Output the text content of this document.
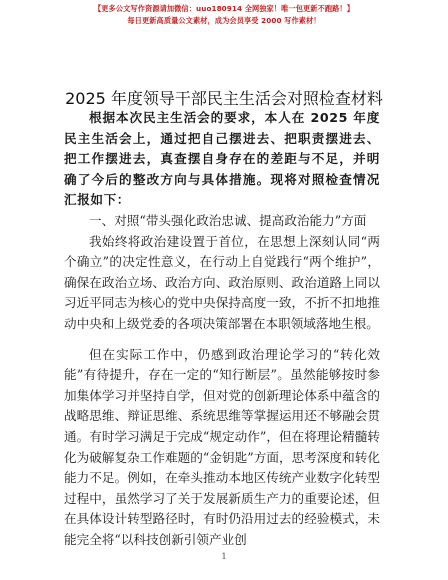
【更多公文写作资源请加微信：uuo180914 全网独家！唯一包更新不跑路！】
每日更新高质量公文素材，成为会员享受 2000 写作素材！
2025 年度领导干部民主生活会对照检查材料

根据本次民主生活会的要求，本人在 2025 年度民主生活会上，通过把自己摆进去、把职责摆进去、把工作摆进去，真查摆自身存在的差距与不足，并明确了今后的整改方向与具体措施。现将对照检查情况汇报如下：

一、对照“带头强化政治忠诚、提高政治能力”方面

我始终将政治建设置于首位，在思想上深刻认同“两个确立”的决定性意义，在行动上自觉践行“两个维护”，确保在政治立场、政治方向、政治原则、政治道路上同以习近平同志为核心的党中央保持高度一致，不折不扣地推动中央和上级党委的各项决策部署在本职领域落地生根。

但在实际工作中，仍感到政治理论学习的“转化效能”有待提升，存在一定的“知行断层”。虽然能够按时参加集体学习并坚持自学，但对党的创新理论体系中蕴含的战略思维、辩证思维、系统思维等掌握运用还不够融会贯通。有时学习满足于完成“规定动作”，但在将理论精髓转化为破解复杂工作难题的“金钥匙”方面，思考深度和转化能力不足。例如，在牵头推动本地区传统产业数字化转型过程中，虽然学习了关于发展新质生产力的重要论述，但在具体设计转型路径时，有时仍沿用过去的经验模式，未能完全将“以科技创新引领产业创

1
